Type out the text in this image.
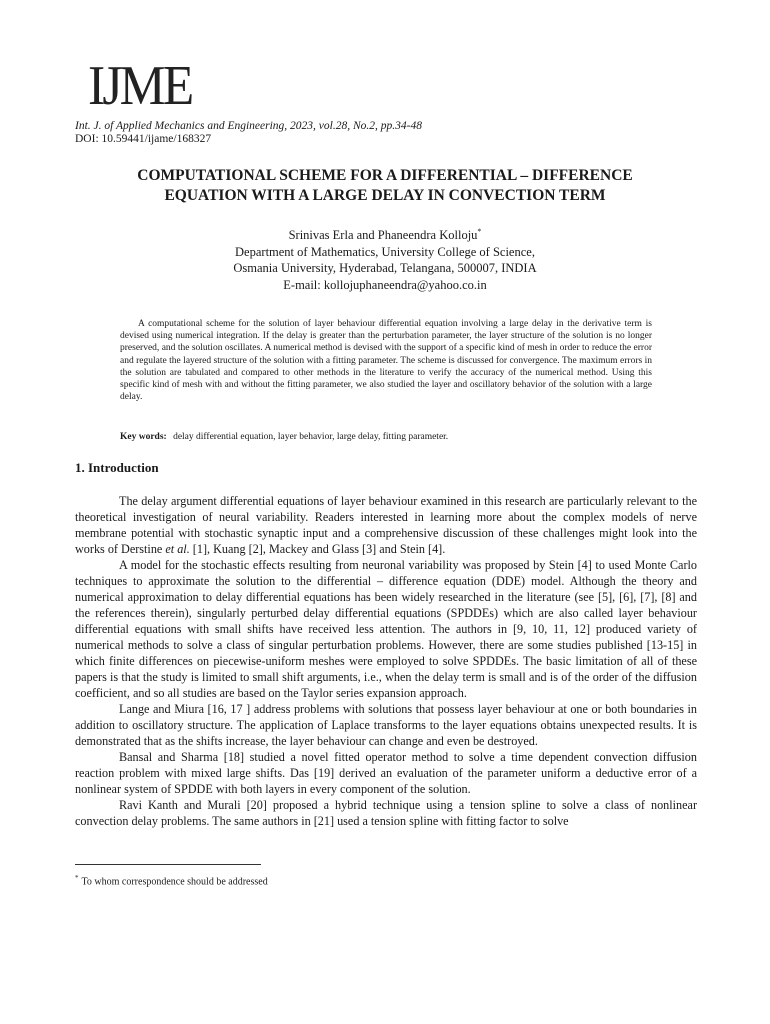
IJME
Int. J. of Applied Mechanics and Engineering, 2023, vol.28, No.2, pp.34-48
DOI: 10.59441/ijame/168327
COMPUTATIONAL SCHEME FOR A DIFFERENTIAL – DIFFERENCE
EQUATION WITH A LARGE DELAY IN CONVECTION TERM
Srinivas Erla and Phaneendra Kolloju*
Department of Mathematics, University College of Science,
Osmania University, Hyderabad, Telangana, 500007, INDIA
E-mail: kollojuphaneendra@yahoo.co.in
A computational scheme for the solution of layer behaviour differential equation involving a large delay in the derivative term is devised using numerical integration. If the delay is greater than the perturbation parameter, the layer structure of the solution is no longer preserved, and the solution oscillates. A numerical method is devised with the support of a specific kind of mesh in order to reduce the error and regulate the layered structure of the solution with a fitting parameter. The scheme is discussed for convergence. The maximum errors in the solution are tabulated and compared to other methods in the literature to verify the accuracy of the numerical method. Using this specific kind of mesh with and without the fitting parameter, we also studied the layer and oscillatory behavior of the solution with a large delay.
Key words: delay differential equation, layer behavior, large delay, fitting parameter.
1. Introduction

The delay argument differential equations of layer behaviour examined in this research are particularly relevant to the theoretical investigation of neural variability. Readers interested in learning more about the complex models of nerve membrane potential with stochastic synaptic input and a comprehensive discussion of these challenges might look into the works of Derstine et al. [1], Kuang [2], Mackey and Glass [3] and Stein [4].

A model for the stochastic effects resulting from neuronal variability was proposed by Stein [4] to used Monte Carlo techniques to approximate the solution to the differential – difference equation (DDE) model. Although the theory and numerical approximation to delay differential equations has been widely researched in the literature (see [5], [6], [7], [8] and the references therein), singularly perturbed delay differential equations (SPDDEs) which are also called layer behaviour differential equations with small shifts have received less attention. The authors in [9, 10, 11, 12] produced variety of numerical methods to solve a class of singular perturbation problems. However, there are some studies published [13-15] in which finite differences on piecewise-uniform meshes were employed to solve SPDDEs. The basic limitation of all of these papers is that the study is limited to small shift arguments, i.e., when the delay term is small and is of the order of the diffusion coefficient, and so all studies are based on the Taylor series expansion approach.

Lange and Miura [16, 17 ] address problems with solutions that possess layer behaviour at one or both boundaries in addition to oscillatory structure. The application of Laplace transforms to the layer equations obtains unexpected results. It is demonstrated that as the shifts increase, the layer behaviour can change and even be destroyed.

Bansal and Sharma [18] studied a novel fitted operator method to solve a time dependent convection diffusion reaction problem with mixed large shifts. Das [19] derived an evaluation of the parameter uniform a deductive error of a nonlinear system of SPDDE with both layers in every component of the solution.

Ravi Kanth and Murali [20] proposed a hybrid technique using a tension spline to solve a class of nonlinear convection delay problems. The same authors in [21] used a tension spline with fitting factor to solve

* To whom correspondence should be addressed
